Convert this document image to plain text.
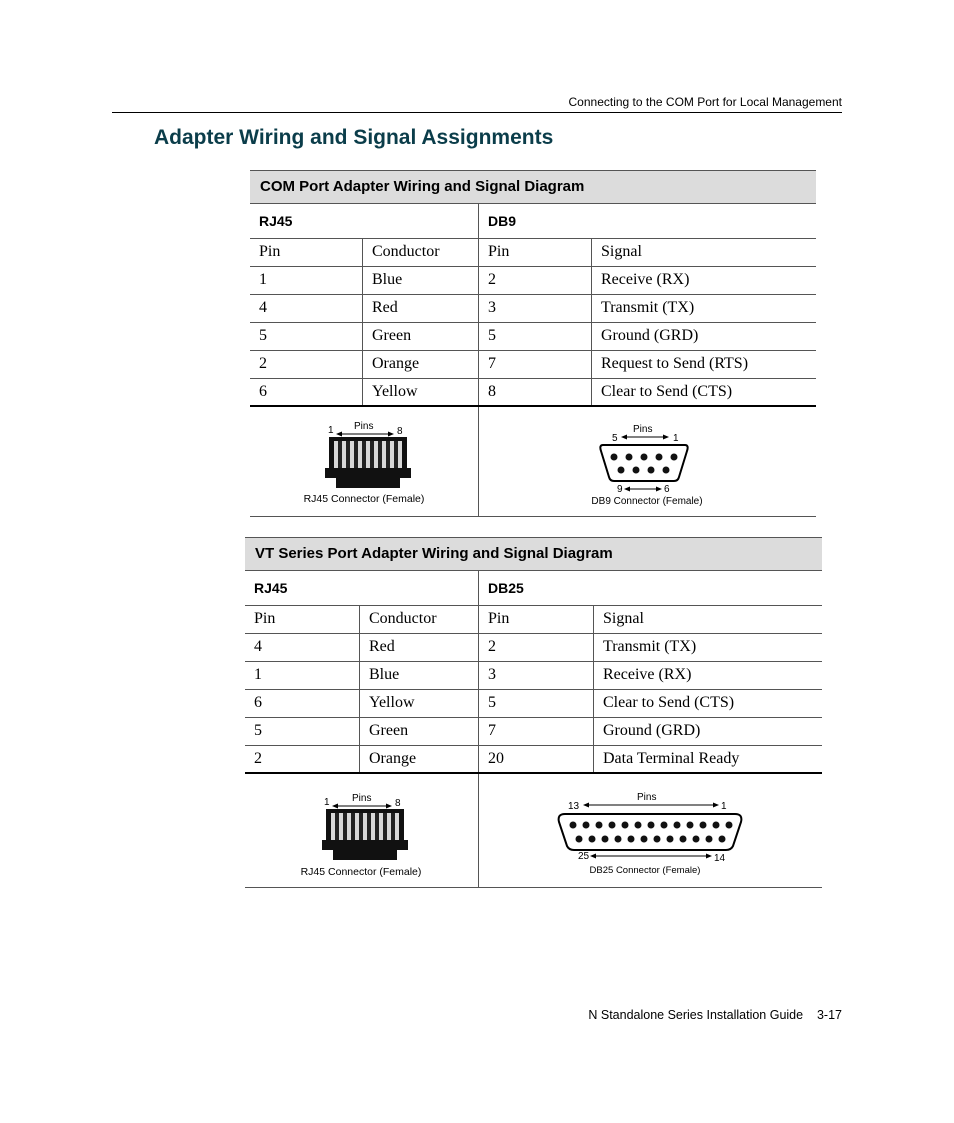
Connecting to the COM Port for Local Management
Adapter Wiring and Signal Assignments
COM Port Adapter Wiring and Signal Diagram
RJ45	DB9
Pin	Conductor	Pin	Signal
1	Blue	2	Receive (RX)
4	Red	3	Transmit (TX)
5	Green	5	Ground (GRD)
2	Orange	7	Request to Send (RTS)
6	Yellow	8	Clear to Send (CTS)
1	8
Pins
RJ45 Connector (Female)
5	1
Pins
9	6
DB9 Connector (Female)
VT Series Port Adapter Wiring and Signal Diagram
RJ45	DB25
Pin	Conductor	Pin	Signal
4	Red	2	Transmit (TX)
1	Blue	3	Receive (RX)
6	Yellow	5	Clear to Send (CTS)
5	Green	7	Ground (GRD)
2	Orange	20	Data Terminal Ready
1	8
Pins
RJ45 Connector (Female)
13	1
Pins
25	14
DB25 Connector (Female)
N Standalone Series Installation Guide    3-17
